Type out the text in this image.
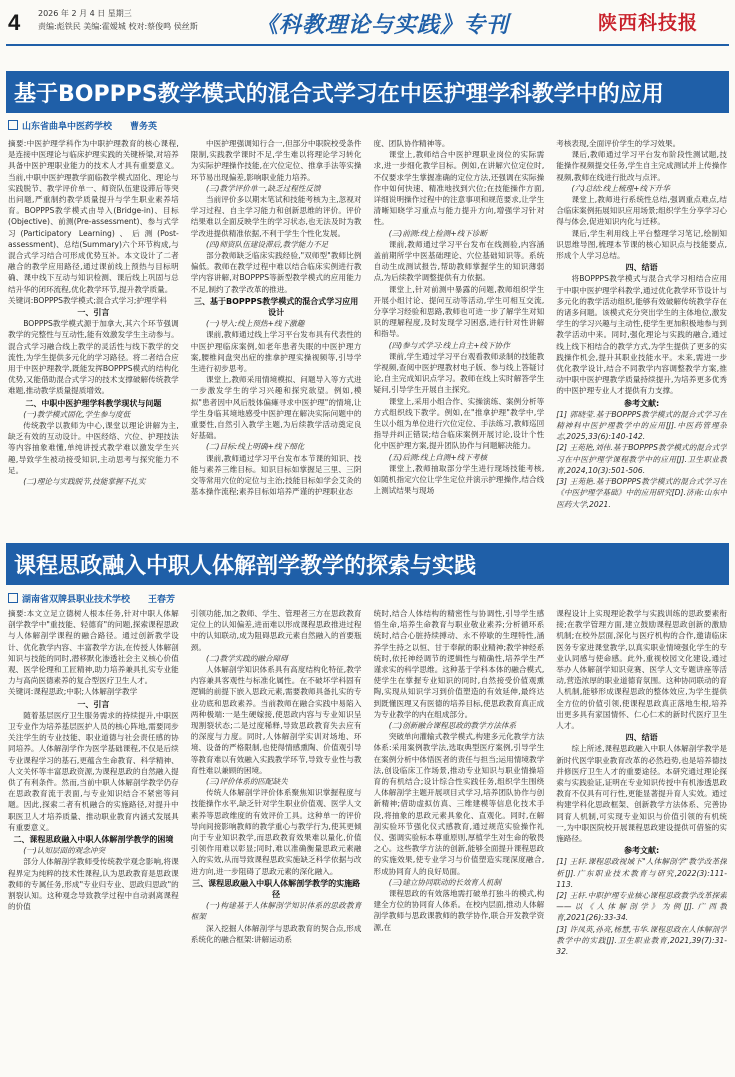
4 2026 年 2 月 4 日 星期三
责编:彪铁民 美编:霍嫒城 校对:蔡俊鸣 侯丝斯	《科教理论与实践》专刊	陕西科技报
基于BOPPPS教学模式的混合式学习在中医护理学科教学中的应用
山东省曲阜中医药学校 曹务英

摘要:中医护理学科作为中职护理教育的核心课程,是连接中医理论与临床护理实践的关键桥梁,对培养具备中医护理职业能力的技术人才具有重要意义。当前,中职中医护理教学面临教学模式固化、理论与实践脱节、教学评价单一、师资队伍建设滞后等突出问题,严重制约教学质量提升与学生职业素养培育。BOPPPS教学模式由导入(Bridge-in)、目标(Objective)、前测(Pre-assessment)、参与式学习(Participatory Learning)、后测(Post-assessment)、总结(Summary)六个环节构成,与混合式学习结合可形成优势互补。本文设计了二者融合的教学应用路径,通过课前线上预热与目标明确、课中线下互动与知识检测、课后线上巩固与总结升华的闭环流程,优化教学环节,提升教学质量。

关键词:BOPPPS教学模式;混合式学习;护理学科

一、引言

BOPPPS教学模式源于加拿大,其六个环节强调教学的完整性与互动性,能有效激发学生主动参与。混合式学习融合线上教学的灵活性与线下教学的交流性,为学生提供多元化的学习路径。将二者结合应用于中医护理教学,既能发挥BOPPPS模式的结构化优势,又能借助混合式学习的技术支撑破解传统教学难题,推动教学质量提质增效。

二、中职中医护理学科教学现状与问题

(一)教学模式固化,学生参与度低

传统教学以教师为中心,课堂以理论讲解为主,缺乏有效的互动设计。中医经络、穴位、护理技法等内容抽象难懂,单纯讲授式教学难以激发学生兴趣,导致学生被动接受知识,主动思考与探究能力不足。

(二)理论与实践脱节,技能掌握不扎实

中医护理强调知行合一,但部分中职院校受条件限制,实践教学课时不足,学生难以将理论学习转化为实际护理操作技能,在穴位定位、推拿手法等实操环节易出现偏差,影响职业能力培养。

(三)教学评价单一,缺乏过程性反馈

当前评价多以期末笔试和技能考核为主,忽视对学习过程、自主学习能力和创新思维的评价。评价结果难以全面反映学生的学习状态,也无法及时为教学改进提供精准依据,不利于学生个性化发展。

(四)师资队伍建设滞后,教学能力不足

部分教师缺乏临床实践经验,"双师型"教师比例偏低。教师在教学过程中难以结合临床实例进行教学内容讲解,对BOPPPS等新型教学模式的应用能力不足,制约了教学改革的推进。

三、基于BOPPPS教学模式的混合式学习应用设计

(一)导入:线上预热+线下激趣

课前,教师通过线上学习平台发布具有代表性的中医护理临床案例,如老年患者失眠的中医护理方案,腰椎间盘突出症的推拿护理实操视频等,引导学生进行初步思考。

课堂上,教师采用情境模拟、问题导入等方式进一步激发学生的学习兴趣和探究欲望。例如,模拟"患者因中风后肢体偏瘫寻求中医护理"的情境,让学生身临其境地感受中医护理在解决实际问题中的重要性,自然引入教学主题,为后续教学活动奠定良好基础。

(二)目标:线上明确+线下细化

课前,教师通过学习平台发布本节课的知识、技能与素养三维目标。知识目标如掌握足三里、三阴交等常用穴位的定位与主治;技能目标如学会艾灸的基本操作流程;素养目标如培养严谨的护理职业态

度、团队协作精神等。

课堂上,教师结合中医护理职业岗位的实际需求,进一步细化教学目标。例如,在讲解穴位定位时,不仅要求学生掌握准确的定位方法,还强调在实际操作中如何快速、精准地找到穴位;在技能操作方面,详细说明操作过程中的注意事项和规范要求,让学生清晰知晓学习重点与能力提升方向,增强学习针对性。

(三)前测:线上检测+线下诊断

课前,教师通过学习平台发布在线测验,内容涵盖前期所学中医基础理论、穴位基础知识等。系统自动生成测试报告,帮助教师掌握学生的知识薄弱点,为后续教学调整提供有力依据。

课堂上,针对前测中暴露的问题,教师组织学生开展小组讨论、提问互动等活动,学生可相互交流,分享学习经验和思路,教师也可进一步了解学生对知识的理解程度,及时发现学习困惑,进行针对性讲解和指导。

(四)参与式学习:线上自主+线下协作

课前,学生通过学习平台观看教师录制的技能教学视频,查阅中医护理教材电子版、参与线上答疑讨论,自主完成知识点学习。教师在线上实时解答学生疑问,引导学生开展自主探究。

课堂上,采用小组合作、实操演练、案例分析等方式组织线下教学。例如,在"推拿护理"教学中,学生以小组为单位进行穴位定位、手法练习,教师巡回指导并纠正错误;结合临床案例开展讨论,设计个性化中医护理方案,提升团队协作与问题解决能力。

(五)后测:线上自测+线下考核

课堂上,教师抽取部分学生进行现场技能考核,如随机指定穴位让学生定位并演示护理操作,结合线上测试结果与现场

考核表现,全面评价学生的学习效果。

课后,教师通过学习平台发布阶段性测试题,技能操作视频提交任务,学生自主完成测试并上传操作视频,教师在线进行批改与点评。

(六)总结:线上梳理+线下升华

课堂上,教师进行系统性总结,强调重点难点,结合临床案例拓展知识应用场景;组织学生分享学习心得与体会,促进知识内化与迁移。

课后,学生利用线上平台整理学习笔记,绘制知识思维导图,梳理本节课的核心知识点与技能要点,形成个人学习总结。

四、结语

将BOPPPS教学模式与混合式学习相结合应用于中职中医护理学科教学,通过优化教学环节设计与多元化的教学活动组织,能够有效破解传统教学存在的诸多问题。该模式充分突出学生的主体地位,激发学生的学习兴趣与主动性,使学生更加积极地参与到教学活动中来。同时,强化理论与实践的融合,通过线上线下相结合的教学方式,为学生提供了更多的实践操作机会,提升其职业技能水平。未来,需进一步优化教学设计,结合不同教学内容调整教学方案,推动中职中医护理教学质量持续提升,为培养更多优秀的中医护理专业人才提供有力支撑。

参考文献:

[1] 郭晓莹.基于BOPPPS教学模式的混合式学习在精神科中医护理教学中的应用[J].中医药管理杂志,2025,33(6):140-142.

[2] 王苑艳,刘伟.基于BOPPPS教学模式的混合式学习在中医护理学课程教学中的应用[J].卫生职业教育,2024,10(3):501-506.

[3] 王苑艳.基于BOPPPS教学模式的混合式学习在《中医护理学基础》中的应用研究[D].济南:山东中医药大学,2021.

课程思政融入中职人体解剖学教学的探索与实践
湖南省双牌县职业技术学校 王春芳

摘要:本文立足立德树人根本任务,针对中职人体解剖学教学中"重技能、轻德育"的问题,探索课程思政与人体解剖学课程的融合路径。通过创新教学设计、优化教学内容、丰富教学方法,在传授人体解剖知识与技能的同时,潜移默化渗透社会主义核心价值观、医学伦理和工匠精神,助力培养兼具扎实专业能力与高尚医德素养的复合型医疗卫生人才。

关键词:课程思政;中职;人体解剖学教学

一、引言

随着基层医疗卫生服务需求的持续提升,中职医卫专业作为培养基层医护人员的核心阵地,需要同步关注学生的专业技能、职业道德与社会责任感的协同培养。人体解剖学作为医学基础课程,不仅是后续专业课程学习的基石,更蕴含生命教育、科学精神、人文关怀等丰富思政资源,为课程思政的自然融入提供了有利条件。然而,当前中职人体解剖学教学仍存在思政教育流于表面,与专业知识结合不紧密等问题。因此,探索二者有机融合的实施路径,对提升中职医卫人才培养质量、推动职业教育内涵式发展具有重要意义。

二、课程思政融入中职人体解剖学教学的困境

(一)认知层面的观念冲突

部分人体解剖学教师受传统教学观念影响,将课程界定为纯粹的技术性课程,认为思政教育是思政课教师的专属任务,形成"专业归专业、思政归思政"的割裂认知。这种观念导致教学过程中自动剥离课程的价值

引领功能,加之教师、学生、管理者三方在思政教育定位上的认知偏差,进而难以形成课程思政推进过程中的认知联动,成为阻碍思政元素自然融入的首要瓶颈。

(二)教学实践的融合障碍

人体解剖学知识体系具有高度结构化特征,教学内容兼具客观性与标准化属性。在不破坏学科固有逻辑的前提下嵌入思政元素,需要教师具备扎实的专业功底和思政素养。当前教师在融合实践中易陷入两种极端:一是生硬嫁接,使思政内容与专业知识呈现割裂状态;二是过度稀释,导致思政教育失去应有的深度与力度。同时,人体解剖学实训对场地、环境、设备的严格限制,也使得情感熏陶、价值观引导等教育难以有效融入实践教学环节,导致专业性与教育性难以兼顾的困境。

(三)评价体系的匹配缺失

传统人体解剖学评价体系聚焦知识掌握程度与技能操作水平,缺乏针对学生职业价值观、医学人文素养等思政维度的有效评价工具。这种单一的评价导向间接影响教师的教学重心与教学行为,使其更倾向于专业知识教学,而思政教育效果难以量化,价值引领作用难以彰显;同时,难以准确衡量思政元素融入的实效,从而导致课程思政实施缺乏科学依据与改进方向,进一步阻碍了思政元素的深化融入。

三、课程思政融入中职人体解剖学教学的实施路径

(一)构建基于人体解剖学知识体系的思政教育框架

深入挖掘人体解剖学与思政教育的契合点,形成系统化的融合框架:讲解运动系

统时,结合人体结构的精密性与协调性,引导学生感悟生命,培养生命教育与职业敬业素养;分析循环系统时,结合心脏持续搏动、永不停歇的生理特性,涵养学生持之以恒、甘于奉献的职业精神;教学神经系统时,依托神经调节的逻辑性与精确性,培养学生严谨求实的科学思维。这种基于学科本体的融合模式,使学生在掌握专业知识的同时,自然接受价值观熏陶,实现从知识学习到价值塑造的有效延伸,最终达到既懂医理又有医德的培养目标,使思政教育真正成为专业教学的内在组成部分。

(二)创新融合课程思政的教学方法体系

突破单向灌输式教学模式,构建多元化教学方法体系:采用案例教学法,选取典型医疗案例,引导学生在案例分析中体悟医者的责任与担当;运用情境教学法,创设临床工作场景,推动专业知识与职业情操培育的有机结合;设计综合性实践任务,组织学生围绕人体解剖学主题开展项目式学习,培养团队协作与创新精神;借助虚拟仿真、三维建模等信息化技术手段,将抽象的思政元素具象化、直观化。同时,在解剖实验环节强化仪式感教育,通过规范实验操作礼仪、强调实验标本尊重原则,厚植学生对生命的敬畏之心。这些教学方法的创新,能够全面提升课程思政的实施效果,使专业学习与价值塑造实现深度融合,形成协同育人的良好局面。

(三)建立协同联动的长效育人机制

课程思政的有效落地需打破单打独斗的模式,构建全方位的协同育人体系。在校内层面,推动人体解剖学教师与思政课教师的教学协作,联合开发教学资源,在

课程设计上实现理论教学与实践训练的思政要素衔接;在教学管理方面,建立鼓励课程思政创新的激励机制;在校外层面,深化与医疗机构的合作,邀请临床医务专家进课堂教学,以真实职业情境强化学生的专业认同感与使命感。此外,重视校园文化建设,通过举办人体解剖学知识竞赛、医学人文专题讲座等活动,营造浓厚的职业道德育氛围。这种协同联动的育人机制,能够形成课程思政的整体效应,为学生提供全方位的价值引领,使课程思政真正落地生根,培养出更多具有家国情怀、仁心仁术的新时代医疗卫生人才。

四、结语

综上所述,课程思政融入中职人体解剖学教学是新时代医学职业教育改革的必然趋势,也是培养德技并修医疗卫生人才的重要途径。本研究通过理论探索与实践验证,证明在专业知识传授中有机渗透思政教育不仅具有可行性,更能显著提升育人实效。通过构建学科化思政框架、创新教学方法体系、完善协同育人机制,可实现专业知识与价值引领的有机统一,为中职医院校开展课程思政建设提供可借鉴的实施路径。

参考文献:

[1] 王轩.课程思政视域下"人体解剖学"教学改革探析[J].广东职业技术教育与研究,2022(3):111-113.

[2] 王轩.中职护理专业核心课程思政教学改革探索——以《人体解剖学》为例[J].广西教育,2021(26):33-34.

[3] 许凤英,孙亮,杨慧,韦华.课程思政在人体解剖学教学中的实践[J].卫生职业教育,2021,39(7):31-32.
